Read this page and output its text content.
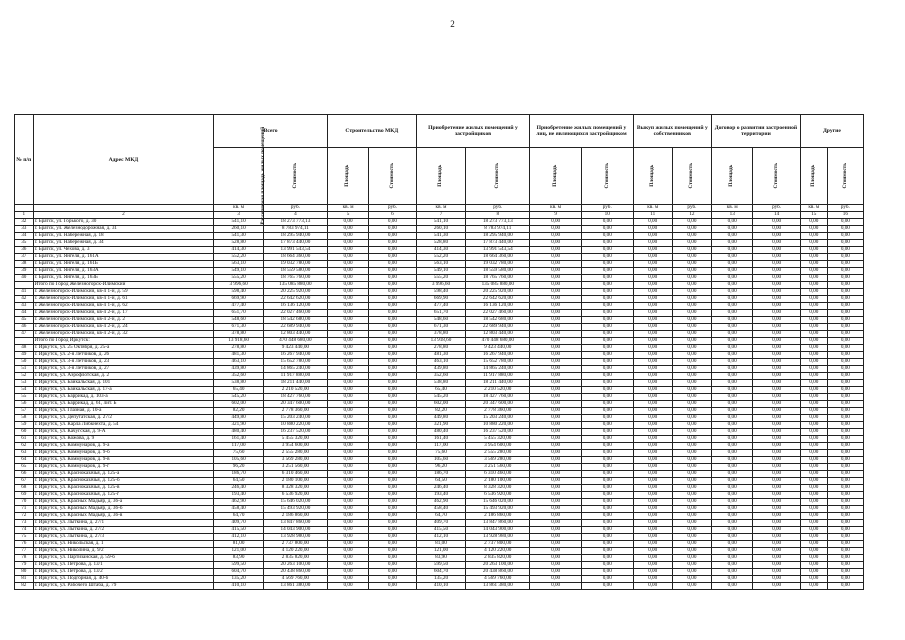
2
№ п/п	Адрес МКД	Всего		Строительство МКД		Приобретение жилых помещений у застройщиков		Приобретение жилых помещений у лиц, не являющихся застройщиком		Выкуп жилых помещений у собственников		Договор о развитии застроенной территории		Другие	
		Расселяемая площадь жилых помещений	Стоимость	Площадь	Стоимость	Площадь	Стоимость	Площадь	Стоимость	Площадь	Стоимость	Площадь	Стоимость	Площадь	Стоимость
		кв. м	руб.	кв. м	руб.	кв. м	руб.	кв. м	руб.	кв. м	руб.	кв. м	руб.	кв. м	руб.
1	2	3	4	5	6	7	8	9	10	11	12	13	14	15	16
32	г. Братск, ул. Горького, д. 30	541,10	18 273 773,13	0,00	0,00	541,10	18 273 773,13	0,00	0,00	0,00	0,00	0,00	0,00	0,00	0,00
33	г. Братск, ул. Железнодорожная, д. 31	260,10	8 783 974,11	0,00	0,00	260,10	8 783 974,11	0,00	0,00	0,00	0,00	0,00	0,00	0,00	0,00
34	г. Братск, ул. Набережная, д. 18	541,30	18 295 940,00	0,00	0,00	541,30	18 295 940,00	0,00	0,00	0,00	0,00	0,00	0,00	0,00	0,00
35	г. Братск, ул. Набережная, д. 34	528,80	17 873 440,00	0,00	0,00	528,80	17 873 440,00	0,00	0,00	0,00	0,00	0,00	0,00	0,00	0,00
36	г. Братск, ул. Чехова, д. 3	414,30	13 991 543,54	0,00	0,00	414,30	13 991 543,54	0,00	0,00	0,00	0,00	0,00	0,00	0,00	0,00
37	г. Братск, ул. Янгеля, д. 161А	552,20	18 664 360,00	0,00	0,00	552,20	18 664 360,00	0,00	0,00	0,00	0,00	0,00	0,00	0,00	0,00
38	г. Братск, ул. Янгеля, д. 161Б	563,10	19 032 780,00	0,00	0,00	563,10	19 032 780,00	0,00	0,00	0,00	0,00	0,00	0,00	0,00	0,00
39	г. Братск, ул. Янгеля, д. 163А	549,10	18 559 580,00	0,00	0,00	549,10	18 559 580,00	0,00	0,00	0,00	0,00	0,00	0,00	0,00	0,00
40	г. Братск, ул. Янгеля, д. 163Б	555,20	18 765 760,00	0,00	0,00	555,20	18 765 760,00	0,00	0,00	0,00	0,00	0,00	0,00	0,00	0,00
	Итого по Город Железногорск-Илимский	3 996,60	135 085 880,00	0,00	0,00	3 996,60	135 085 880,00	0,00	0,00	0,00	0,00	0,00	0,00	0,00	0,00
41	г. Железногорск-Илимский, кв-л 1-й, д. 59	598,40	20 225 920,00	0,00	0,00	598,40	20 225 920,00	0,00	0,00	0,00	0,00	0,00	0,00	0,00	0,00
42	г. Железногорск-Илимский, кв-л 1-й, д. 61	669,90	22 642 620,00	0,00	0,00	669,90	22 642 620,00	0,00	0,00	0,00	0,00	0,00	0,00	0,00	0,00
43	г. Железногорск-Илимский, кв-л 1-й, д. 62	477,40	16 136 120,00	0,00	0,00	477,40	16 136 120,00	0,00	0,00	0,00	0,00	0,00	0,00	0,00	0,00
44	г. Железногорск-Илимский, кв-л 2-й, д. 17	651,70	22 027 460,00	0,00	0,00	651,70	22 027 460,00	0,00	0,00	0,00	0,00	0,00	0,00	0,00	0,00
45	г. Железногорск-Илимский, кв-л 2-й, д. 2	548,60	18 542 680,00	0,00	0,00	548,60	18 542 680,00	0,00	0,00	0,00	0,00	0,00	0,00	0,00	0,00
46	г. Железногорск-Илимский, кв-л 2-й, д. 24	671,30	22 689 940,00	0,00	0,00	671,30	22 689 940,00	0,00	0,00	0,00	0,00	0,00	0,00	0,00	0,00
47	г. Железногорск-Илимский, кв-л 2-й, д. 32	378,80	12 803 440,00	0,00	0,00	378,80	12 803 440,00	0,00	0,00	0,00	0,00	0,00	0,00	0,00	0,00
	Итого по Город Иркутск:	13 918,60	470 448 680,00	0,00	0,00	13 918,60	470 448 680,00	0,00	0,00	0,00	0,00	0,00	0,00	0,00	0,00
48	г. Иркутск, ул. 25 Октября, д. 25-а	278,80	9 423 440,00	0,00	0,00	278,80	9 423 440,00	0,00	0,00	0,00	0,00	0,00	0,00	0,00	0,00
49	г. Иркутск, ул. 2-я Летчиков, д. 26	481,30	16 267 940,00	0,00	0,00	481,30	16 267 940,00	0,00	0,00	0,00	0,00	0,00	0,00	0,00	0,00
50	г. Иркутск, ул. 3-я Летчиков, д. 23	463,10	15 652 780,00	0,00	0,00	463,10	15 652 780,00	0,00	0,00	0,00	0,00	0,00	0,00	0,00	0,00
51	г. Иркутск, ул. 3-я Летчиков, д. 27	439,80	14 865 240,00	0,00	0,00	439,80	14 865 240,00	0,00	0,00	0,00	0,00	0,00	0,00	0,00	0,00
52	г. Иркутск, ул. Аэрофлотская, д. 2	352,60	11 917 880,00	0,00	0,00	352,60	11 917 880,00	0,00	0,00	0,00	0,00	0,00	0,00	0,00	0,00
53	г. Иркутск, ул. Байкальская, д. 101	538,80	18 211 440,00	0,00	0,00	538,80	18 211 440,00	0,00	0,00	0,00	0,00	0,00	0,00	0,00	0,00
54	г. Иркутск, ул. Байкальская, д. 17-а	65,40	2 210 520,00	0,00	0,00	65,40	2 210 520,00	0,00	0,00	0,00	0,00	0,00	0,00	0,00	0,00
55	г. Иркутск, ул. Баррикад, д. 103-а	545,20	18 427 760,00	0,00	0,00	545,20	18 427 760,00	0,00	0,00	0,00	0,00	0,00	0,00	0,00	0,00
56	г. Иркутск, ул. Баррикад, д. 61, лит. Б	602,00	20 347 600,00	0,00	0,00	602,00	20 347 600,00	0,00	0,00	0,00	0,00	0,00	0,00	0,00	0,00
57	г. Иркутск, ул. Глазная, д. 10-а	82,20	2 778 360,00	0,00	0,00	82,20	2 778 360,00	0,00	0,00	0,00	0,00	0,00	0,00	0,00	0,00
58	г. Иркутск, ул. Депутатская, д. 27/2	449,80	15 203 240,00	0,00	0,00	449,80	15 203 240,00	0,00	0,00	0,00	0,00	0,00	0,00	0,00	0,00
59	г. Иркутск, ул. Карла Либкнехта, д. 54	321,90	10 880 220,00	0,00	0,00	321,90	10 880 220,00	0,00	0,00	0,00	0,00	0,00	0,00	0,00	0,00
60	г. Иркутск, ул. Качугская, д. 9-А	480,40	16 237 520,00	0,00	0,00	480,40	16 237 520,00	0,00	0,00	0,00	0,00	0,00	0,00	0,00	0,00
61	г. Иркутск, ул. Кожова, д. 9	161,40	5 455 320,00	0,00	0,00	161,40	5 455 320,00	0,00	0,00	0,00	0,00	0,00	0,00	0,00	0,00
62	г. Иркутск, ул. Коммунаров, д. 9-а	117,00	3 954 600,00	0,00	0,00	117,00	3 954 600,00	0,00	0,00	0,00	0,00	0,00	0,00	0,00	0,00
63	г. Иркутск, ул. Коммунаров, д. 9-б	75,60	2 555 280,00	0,00	0,00	75,60	2 555 280,00	0,00	0,00	0,00	0,00	0,00	0,00	0,00	0,00
64	г. Иркутск, ул. Коммунаров, д. 9-в	105,60	3 569 280,00	0,00	0,00	105,60	3 569 280,00	0,00	0,00	0,00	0,00	0,00	0,00	0,00	0,00
65	г. Иркутск, ул. Коммунаров, д. 9-г	96,20	3 251 560,00	0,00	0,00	96,20	3 251 560,00	0,00	0,00	0,00	0,00	0,00	0,00	0,00	0,00
66	г. Иркутск, ул. Красноказачья, д. 125-а	186,70	6 310 460,00	0,00	0,00	186,70	6 310 460,00	0,00	0,00	0,00	0,00	0,00	0,00	0,00	0,00
67	г. Иркутск, ул. Красноказачья, д. 125-б	64,50	2 180 100,00	0,00	0,00	64,50	2 180 100,00	0,00	0,00	0,00	0,00	0,00	0,00	0,00	0,00
68	г. Иркутск, ул. Красноказачья, д. 125-в	246,40	8 328 320,00	0,00	0,00	246,40	8 328 320,00	0,00	0,00	0,00	0,00	0,00	0,00	0,00	0,00
69	г. Иркутск, ул. Красноказачья, д. 125-г	193,40	6 536 920,00	0,00	0,00	193,40	6 536 920,00	0,00	0,00	0,00	0,00	0,00	0,00	0,00	0,00
70	г. Иркутск, ул. Красных Мадьяр, д. 36-а	462,90	15 646 020,00	0,00	0,00	462,90	15 646 020,00	0,00	0,00	0,00	0,00	0,00	0,00	0,00	0,00
71	г. Иркутск, ул. Красных Мадьяр, д. 36-б	458,40	15 493 920,00	0,00	0,00	458,40	15 493 920,00	0,00	0,00	0,00	0,00	0,00	0,00	0,00	0,00
72	г. Иркутск, ул. Красных Мадьяр, д. 36-в	64,70	2 186 860,00	0,00	0,00	64,70	2 186 860,00	0,00	0,00	0,00	0,00	0,00	0,00	0,00	0,00
73	г. Иркутск, ул. Лыткина, д. 27/1	409,70	13 847 860,00	0,00	0,00	409,70	13 847 860,00	0,00	0,00	0,00	0,00	0,00	0,00	0,00	0,00
74	г. Иркутск, ул. Лыткина, д. 27/2	415,50	14 043 900,00	0,00	0,00	415,50	14 043 900,00	0,00	0,00	0,00	0,00	0,00	0,00	0,00	0,00
75	г. Иркутск, ул. Лыткина, д. 27/3	412,10	13 928 980,00	0,00	0,00	412,10	13 928 980,00	0,00	0,00	0,00	0,00	0,00	0,00	0,00	0,00
76	г. Иркутск, ул. Никольская, д. 1	81,00	2 737 800,00	0,00	0,00	81,00	2 737 800,00	0,00	0,00	0,00	0,00	0,00	0,00	0,00	0,00
77	г. Иркутск, ул. Николина, д. 9/2	121,00	4 120 220,00	0,00	0,00	121,00	4 120 220,00	0,00	0,00	0,00	0,00	0,00	0,00	0,00	0,00
78	г. Иркутск, ул. Партизанская, д. 59-б	83,90	2 835 820,00	0,00	0,00	83,90	2 835 820,00	0,00	0,00	0,00	0,00	0,00	0,00	0,00	0,00
79	г. Иркутск, ул. Петрова, д. 13/1	599,50	20 263 100,00	0,00	0,00	599,50	20 263 100,00	0,00	0,00	0,00	0,00	0,00	0,00	0,00	0,00
80	г. Иркутск, ул. Петрова, д. 13/2	604,70	20 438 860,00	0,00	0,00	604,70	20 438 860,00	0,00	0,00	0,00	0,00	0,00	0,00	0,00	0,00
81	г. Иркутск, ул. Подгорная, д. 40-б	135,20	4 569 760,00	0,00	0,00	135,20	4 569 760,00	0,00	0,00	0,00	0,00	0,00	0,00	0,00	0,00
82	г. Иркутск, ул. Рабочего Штаба, д. 79	410,10	13 861 380,00	0,00	0,00	410,10	13 861 380,00	0,00	0,00	0,00	0,00	0,00	0,00	0,00	0,00
